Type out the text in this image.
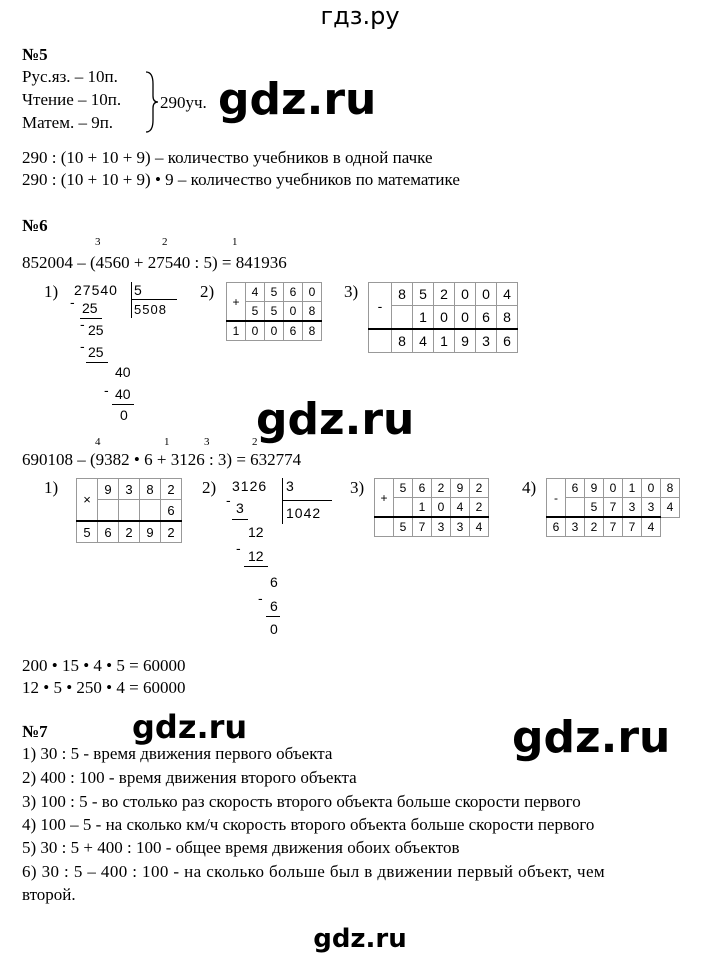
гдз.ру
№5
Рус.яз. – 10п.
Чтение – 10п.
Матем. – 9п.
290уч. gdz.ru
290 : (10 + 10 + 9) – количество учебников в одной пачке
290 : (10 + 10 + 9) • 9 – количество учебников по математике
№6
3	2	1
852004 – (4560 + 27540 : 5) = 841936
1)	2)	3)
27540 5
5508
- 25
- 25
- 25
40
- 40
0
+	4	5	6	0
	5	5	0	8
1	0	0	6	8
-	8	5	2	0	0	4
		1	0	0	6	8
	8	4	1	9	3	6
gdz.ru
4	1	3	2
690108 – (9382 • 6 + 3126 : 3) = 632774
1)	2)	3)	4)
×	9	3	8	2
				6
5	6	2	9	2
3126 3
1042
- 3
12
- 12
6
- 6
0
+	5	6	2	9	2
		1	0	4	2
	5	7	3	3	4
-	6	9	0	1	0	8
		5	7	3	3	4
6	3	2	7	7	4	
200 • 15 • 4 • 5 = 60000
12 • 5 • 250 • 4 = 60000
№7	gdz.ru	gdz.ru
1) 30 : 5 - время движения первого объекта
2) 400 : 100 - время движения второго объекта
3) 100 : 5 - во столько раз скорость второго объекта больше скорости первого
4) 100 – 5 - на сколько км/ч скорость второго объекта больше скорости первого
5) 30 : 5 + 400 : 100 - общее время движения обоих объектов
6) 30 : 5 – 400 : 100 - на сколько больше был в движении первый объект, чем
второй.
gdz.ru
